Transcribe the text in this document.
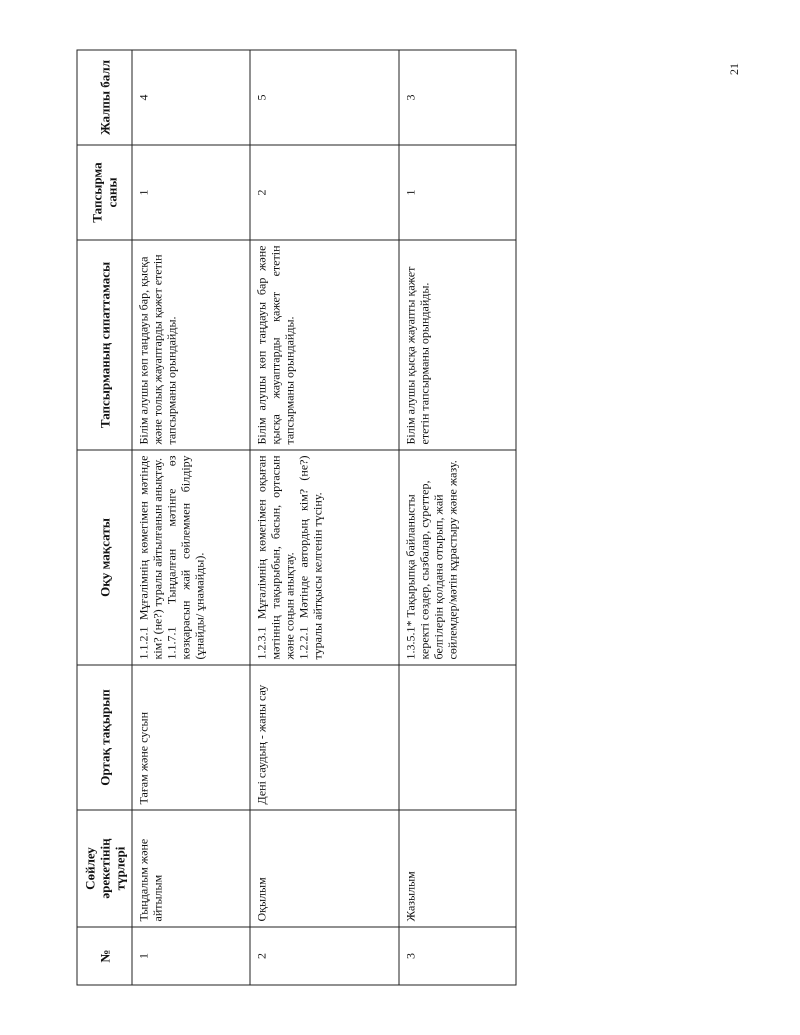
21
№	Сөйлеу әрекетінің түрлері	Ортақ тақырып	Оқу мақсаты	Тапсырманың сипаттамасы	Тапсырма саны	Жалпы балл
1	Тыңдалым және айтылым	Тағам және сусын	1.1.2.1 Мұғалімнің көмегімен мәтінде кім? (не?) туралы айтылғанын анықтау. 1.1.7.1 Тыңдалған мәтінге өз көзқарасын жай сөйлеммен білдіру (ұнайды/ ұнамайды).	Білім алушы көп таңдауы бар, қысқа және толық жауаптарды қажет ететін тапсырманы орындайды.	1	4
2	Оқылым	Дені саудың - жаны сау	1.2.3.1 Мұғалімнің көмегімен оқыған мәтіннің тақырыбын, басын, ортасын және соңын анықтау. 1.2.2.1 Мәтінде автордың кім? (не?) туралы айтқысы келгенін түсіну.	Білім алушы көп таңдауы бар және қысқа жауаптарды қажет ететін тапсырманы орындайды.	2	5
3	Жазылым		1.3.5.1* Тақырыпқа байланысты керекті сөздер, сызбалар, суреттер, белгілерін қолдана отырып, жай сөйлемдер/мәтін құрастыру және жазу.	Білім алушы қысқа жауапты қажет ететін тапсырманы орындайды.	1	3
